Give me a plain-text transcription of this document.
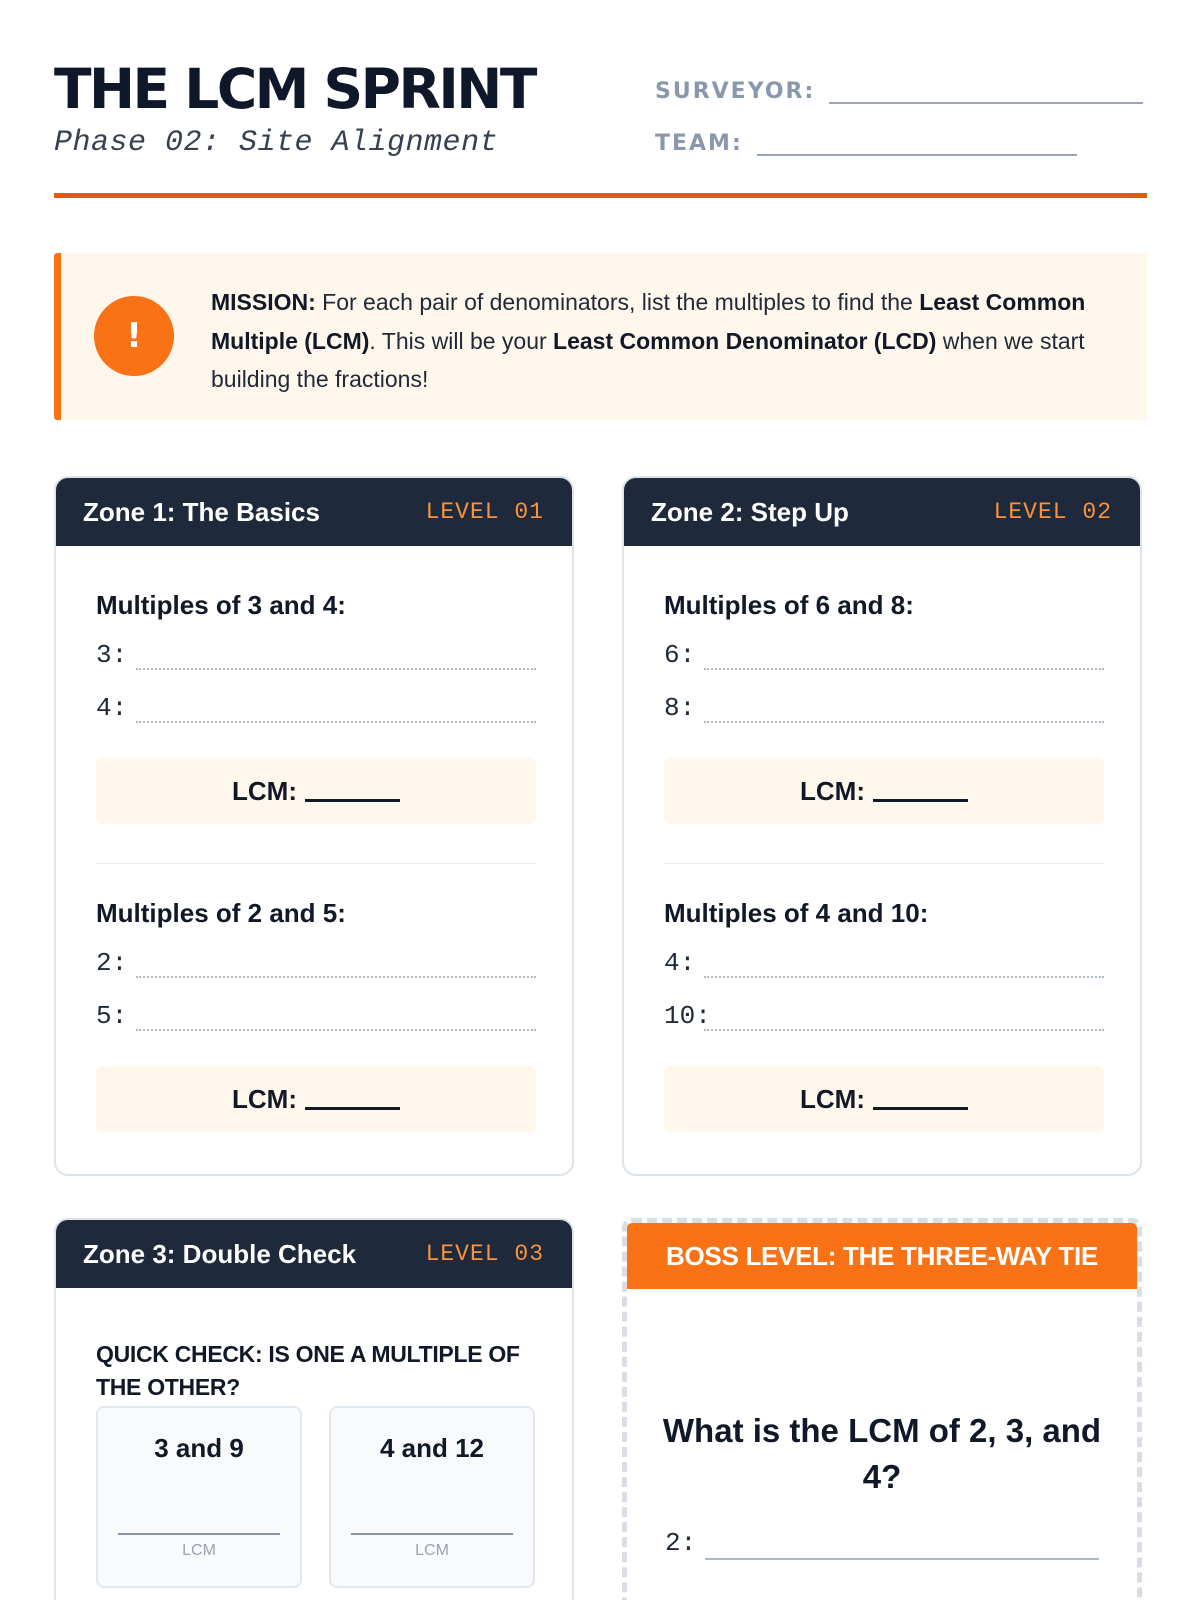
THE LCM SPRINT
Phase 02: Site Alignment
SURVEYOR:
TEAM:
!
MISSION: For each pair of denominators, list the multiples to find the Least Common Multiple (LCM). This will be your Least Common Denominator (LCD) when we start building the fractions!
Zone 1: The Basics	LEVEL 01
Multiples of 3 and 4:
3:
4:
LCM:
Multiples of 2 and 5:
2:
5:
LCM:
Zone 2: Step Up	LEVEL 02
Multiples of 6 and 8:
6:
8:
LCM:
Multiples of 4 and 10:
4:
10:
LCM:
Zone 3: Double Check	LEVEL 03
QUICK CHECK: IS ONE A MULTIPLE OF THE OTHER?
3 and 9
LCM
4 and 12
LCM
BOSS LEVEL: THE THREE-WAY TIE
What is the LCM of 2, 3, and 4?
2:
